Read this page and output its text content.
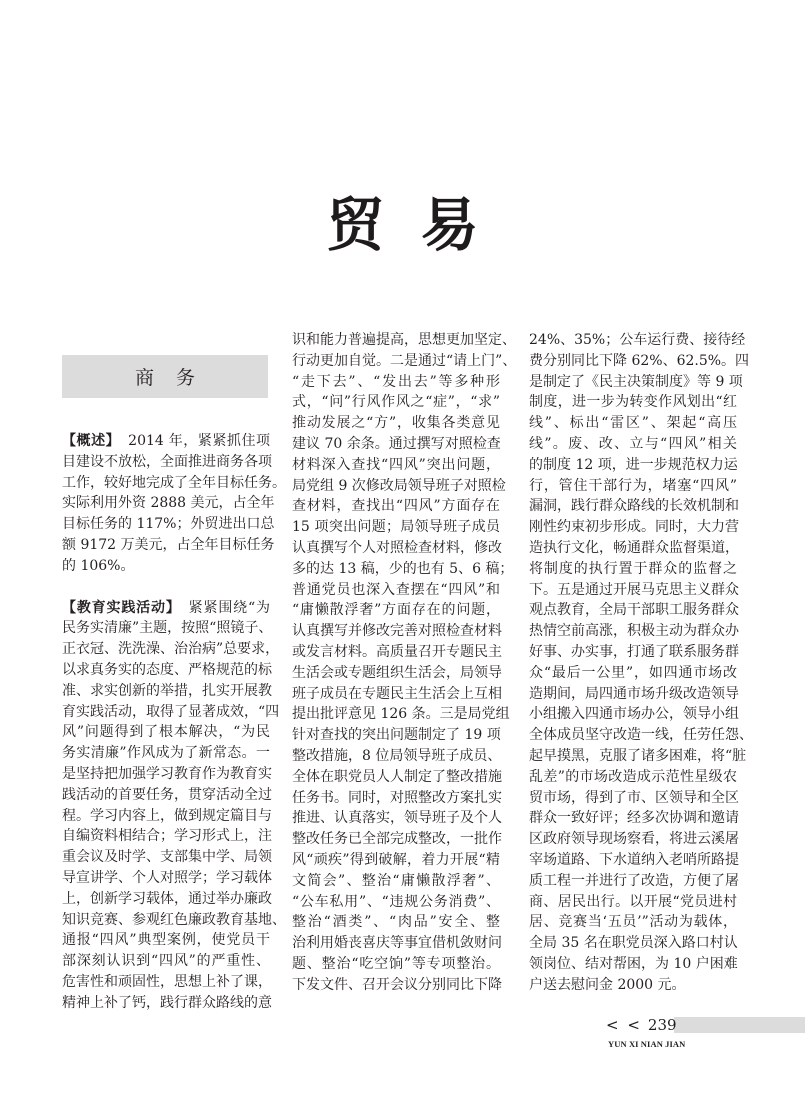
贸易
商务
【概述】 2014 年，紧紧抓住项
目建设不放松，全面推进商务各项
工作，较好地完成了全年目标任务。
实际利用外资 2888 美元，占全年
目标任务的 117%；外贸进出口总
额 9172 万美元，占全年目标任务
的 106%。
【教育实践活动】 紧紧围绕“为
民务实清廉”主题，按照“照镜子、
正衣冠、洗洗澡、治治病”总要求，
以求真务实的态度、严格规范的标
准、求实创新的举措，扎实开展教
育实践活动，取得了显著成效，“四
风”问题得到了根本解决，“为民
务实清廉”作风成为了新常态。一
是坚持把加强学习教育作为教育实
践活动的首要任务，贯穿活动全过
程。学习内容上，做到规定篇目与
自编资料相结合；学习形式上，注
重会议及时学、支部集中学、局领
导宣讲学、个人对照学；学习载体
上，创新学习载体，通过举办廉政
知识竞赛、参观红色廉政教育基地、
通报“四风”典型案例，使党员干
部深刻认识到“四风”的严重性、
危害性和顽固性，思想上补了课，
精神上补了钙，践行群众路线的意
识和能力普遍提高，思想更加坚定、
行动更加自觉。二是通过“请上门”、
“走下去”、“发出去”等多种形
式，“问”行风作风之“症”，“求”
推动发展之“方”，收集各类意见
建议 70 余条。通过撰写对照检查
材料深入查找“四风”突出问题，
局党组 9 次修改局领导班子对照检
查材料，查找出“四风”方面存在
15 项突出问题；局领导班子成员
认真撰写个人对照检查材料，修改
多的达 13 稿，少的也有 5、6 稿；
普通党员也深入查摆在“四风”和
“庸懒散浮奢”方面存在的问题，
认真撰写并修改完善对照检查材料
或发言材料。高质量召开专题民主
生活会或专题组织生活会，局领导
班子成员在专题民主生活会上互相
提出批评意见 126 条。三是局党组
针对查找的突出问题制定了 19 项
整改措施，8 位局领导班子成员、
全体在职党员人人制定了整改措施
任务书。同时，对照整改方案扎实
推进、认真落实，领导班子及个人
整改任务已全部完成整改，一批作
风“顽疾”得到破解，着力开展“精
文简会”、整治“庸懒散浮奢”、
“公车私用”、“违规公务消费”、
整治“酒类”、“肉品”安全、整
治利用婚丧喜庆等事宜借机敛财问
题、整治“吃空饷”等专项整治。
下发文件、召开会议分别同比下降
24%、35%；公车运行费、接待经
费分别同比下降 62%、62.5%。四
是制定了《民主决策制度》等 9 项
制度，进一步为转变作风划出“红
线”、标出“雷区”、架起“高压
线”。废、改、立与“四风”相关
的制度 12 项，进一步规范权力运
行，管住干部行为，堵塞“四风”
漏洞，践行群众路线的长效机制和
刚性约束初步形成。同时，大力营
造执行文化，畅通群众监督渠道，
将制度的执行置于群众的监督之
下。五是通过开展马克思主义群众
观点教育，全局干部职工服务群众
热情空前高涨，积极主动为群众办
好事、办实事，打通了联系服务群
众“最后一公里”，如四通市场改
造期间，局四通市场升级改造领导
小组搬入四通市场办公，领导小组
全体成员坚守改造一线，任劳任怨、
起早摸黑，克服了诸多困难，将“脏
乱差”的市场改造成示范性星级农
贸市场，得到了市、区领导和全区
群众一致好评；经多次协调和邀请
区政府领导现场察看，将进云溪屠
宰场道路、下水道纳入老哨所路提
质工程一并进行了改造，方便了屠
商、居民出行。以开展“党员进村
居、竞赛当‘五员’”活动为载体，
全局 35 名在职党员深入路口村认
领岗位、结对帮困，为 10 户困难
户送去慰问金 2000 元。
< < 239
YUN XI NIAN JIAN
